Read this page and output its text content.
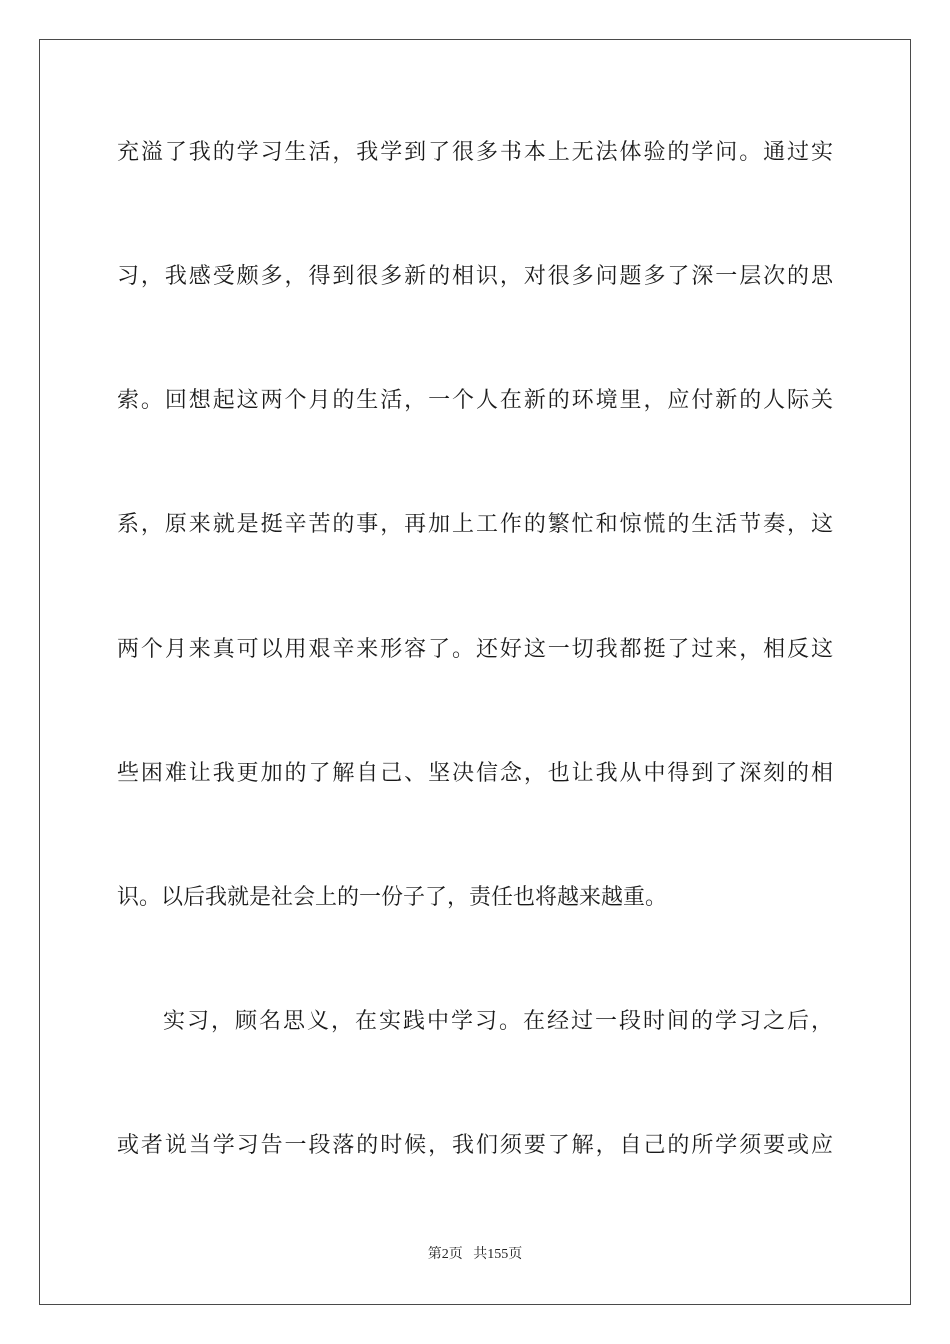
充溢了我的学习生活，我学到了很多书本上无法体验的学问。通过实
习，我感受颇多，得到很多新的相识，对很多问题多了深一层次的思
索。回想起这两个月的生活，一个人在新的环境里，应付新的人际关
系，原来就是挺辛苦的事，再加上工作的繁忙和惊慌的生活节奏，这
两个月来真可以用艰辛来形容了。还好这一切我都挺了过来，相反这
些困难让我更加的了解自己、坚决信念，也让我从中得到了深刻的相
识。以后我就是社会上的一份子了，责任也将越来越重。
实习，顾名思义，在实践中学习。在经过一段时间的学习之后，
或者说当学习告一段落的时候，我们须要了解，自己的所学须要或应
第2页 共155页
